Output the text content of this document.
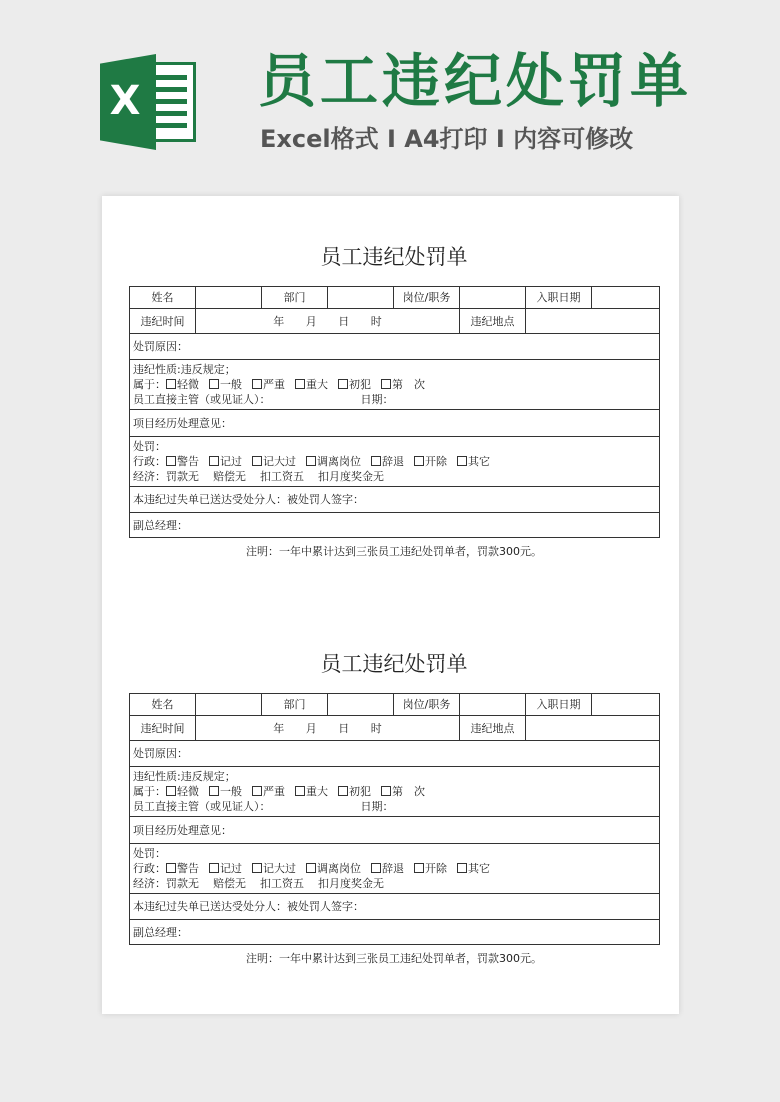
X 员工违纪处罚单
Excel格式 I A4打印 I 内容可修改
员工违纪处罚单
姓名		部门		岗位/职务		入职日期	
违纪时间	年 月 日 时				违纪地点		
处罚原因：							

违纪性质:违反规定；
属于： 轻微 一般 严重 重大 初犯 第　次
员工直接主管（或见证人）： 日期：							

项目经历处理意见：							

处罚：
行政： 警告 记过 记大过 调离岗位 辞退 开除 其它
经济：罚款无 赔偿无 扣工资五 扣月度奖金无							

本违纪过失单已送达受处分人：被处罚人签字：							
副总经理：							
注明：一年中累计达到三张员工违纪处罚单者，罚款300元。
员工违纪处罚单
姓名		部门		岗位/职务		入职日期	
违纪时间	年 月 日 时				违纪地点		
处罚原因：							

违纪性质:违反规定；
属于： 轻微 一般 严重 重大 初犯 第　次
员工直接主管（或见证人）： 日期：							

项目经历处理意见：							

处罚：
行政： 警告 记过 记大过 调离岗位 辞退 开除 其它
经济：罚款无 赔偿无 扣工资五 扣月度奖金无							

本违纪过失单已送达受处分人：被处罚人签字：							
副总经理：							
注明：一年中累计达到三张员工违纪处罚单者，罚款300元。
